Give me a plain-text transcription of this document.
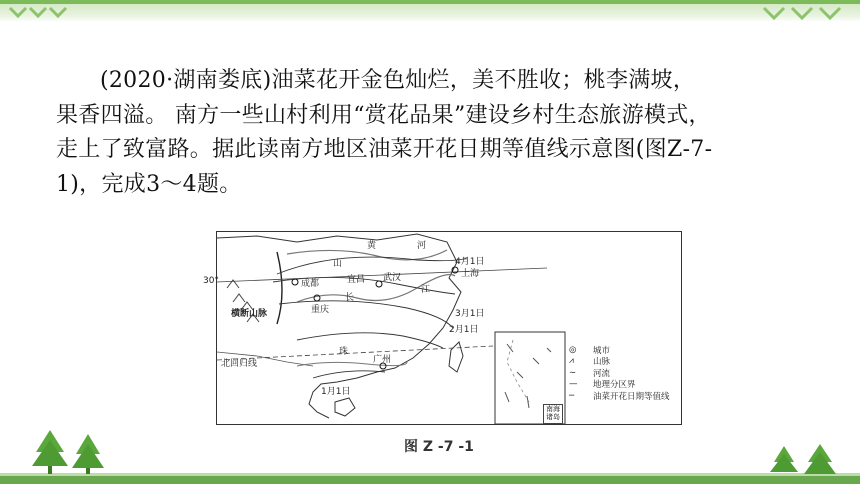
(2020·湖南娄底)油菜花开金色灿烂，美不胜收；桃李满坡，

果香四溢。 南方一些山村利用“赏花品果”建设乡村生态旅游模式，

走上了致富路。据此读南方地区油菜开花日期等值线示意图(图Z-7-

1)，完成3～4题。

30°
北回归线
横断山脉
成都
重庆
宜昌 武汉	上海
广州
4月1日
3月1日
2月1日
1月1日
黄	河
长
江
珠
山
◎	城市
⩘	山脉
∼	河流
—	地理分区界
─	油菜开花日期等值线
南海诸岛
图 Z -7 -1
